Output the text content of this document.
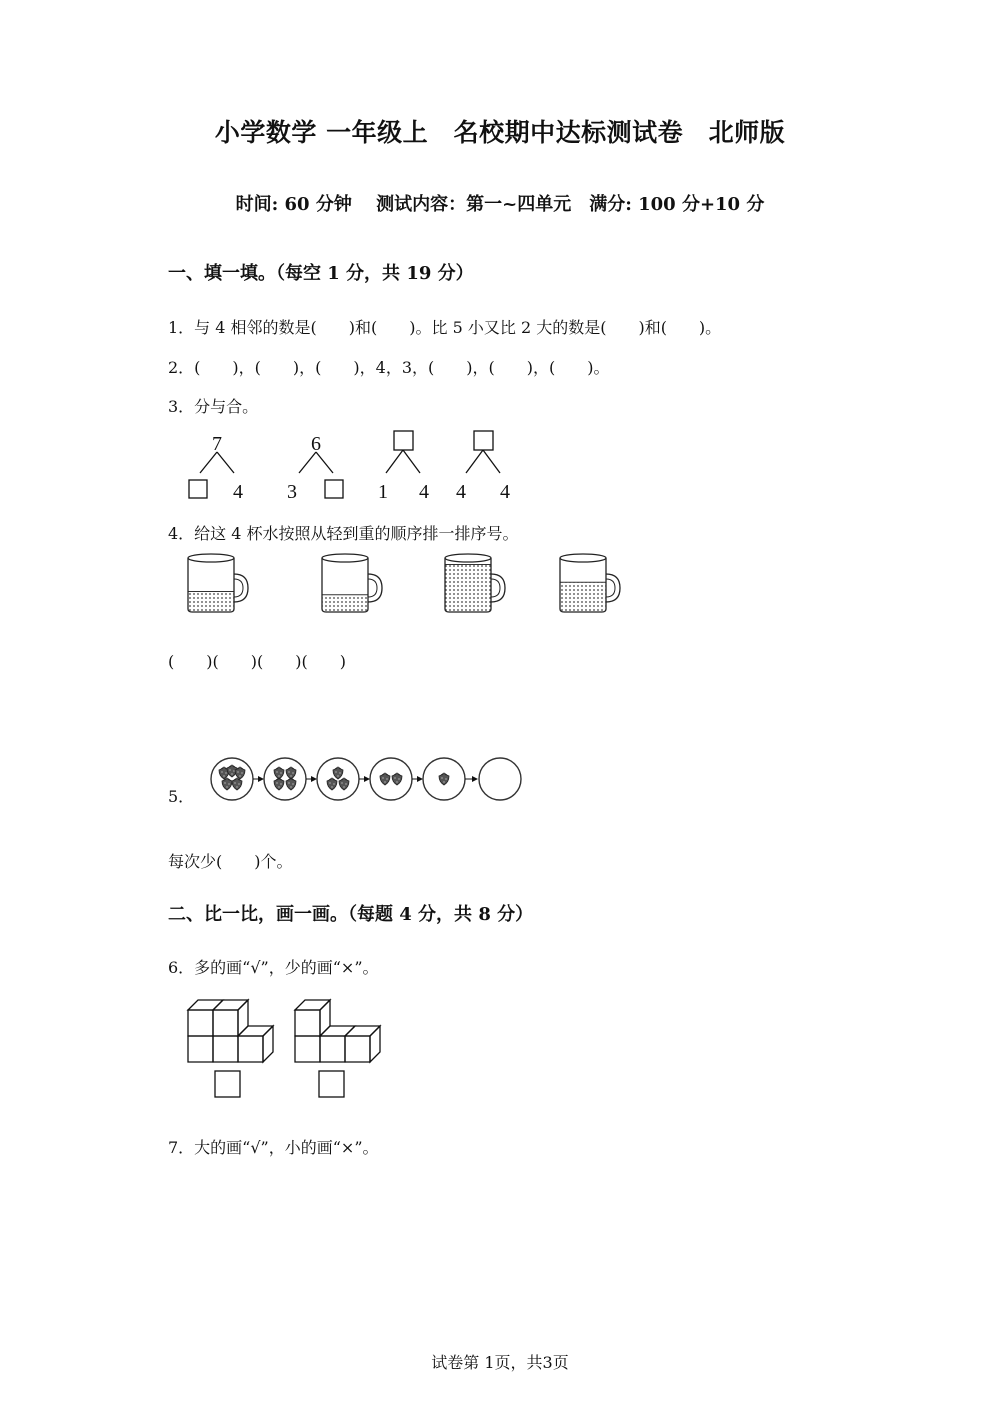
小学数学 一年级上　名校期中达标测试卷　北师版
时间: 60 分钟　 测试内容：第一~四单元　满分: 100 分+10 分
一、填一填。（每空 1 分，共 19 分）
1．与 4 相邻的数是(　　)和(　　)。比 5 小又比 2 大的数是(　　)和(　　)。
2．(　　)，(　　)，(　　)，4，3，(　　)，(　　)，(　　)。
3．分与合。
7
4
6
3	1 4 4 4
4．给这 4 杯水按照从轻到重的顺序排一排序号。
(　　)(　　)(　　)(　　)
5．
每次少(　　)个。
二、比一比，画一画。（每题 4 分，共 8 分）
6．多的画“√”，少的画“×”。
7．大的画“√”，小的画“×”。
试卷第 1页，共3页
